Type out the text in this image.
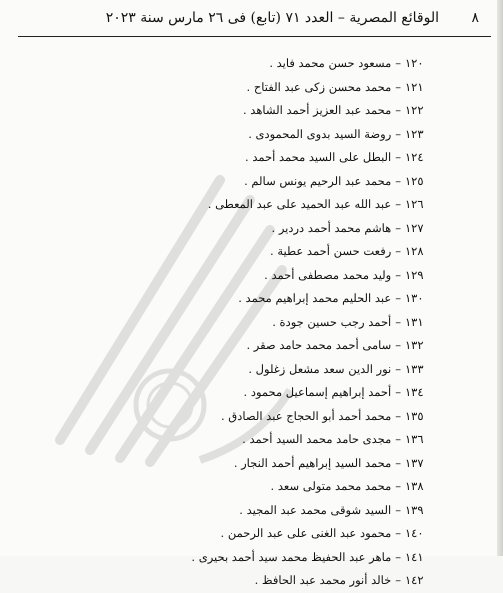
٨
الوقائع المصرية – العدد ٧١ (تابع) فى ٢٦ مارس سنة ٢٠٢٣
١٢٠–مسعود حسن محمد فايد .
١٢١–محمد محسن زكى عبد الفتاح .
١٢٢–محمد عبد العزيز أحمد الشاهد .
١٢٣–روضة السيد بدوى المحمودى .
١٢٤–البطل على السيد محمد أحمد .
١٢٥–محمد عبد الرحيم يونس سالم .
١٢٦–عبد الله عبد الحميد على عبد المعطى .
١٢٧–هاشم محمد أحمد دردير .
١٢٨–رفعت حسن أحمد عطية .
١٢٩–وليد محمد مصطفى أحمد .
١٣٠–عبد الحليم محمد إبراهيم محمد .
١٣١–أحمد رجب حسين جودة .
١٣٢–سامى أحمد محمد حامد صقر .
١٣٣–نور الدين سعد مشعل زغلول .
١٣٤–أحمد إبراهيم إسماعيل محمود .
١٣٥–محمد أحمد أبو الحجاج عبد الصادق .
١٣٦–مجدى حامد محمد السيد أحمد .
١٣٧–محمد السيد إبراهيم أحمد النجار .
١٣٨–محمد محمد متولى سعد .
١٣٩–السيد شوقى محمد عبد المجيد .
١٤٠–محمود عبد الغنى على عبد الرحمن .
١٤١–ماهر عبد الحفيظ محمد سيد أحمد بحيرى .
١٤٢–خالد أنور محمد عبد الحافظ .
